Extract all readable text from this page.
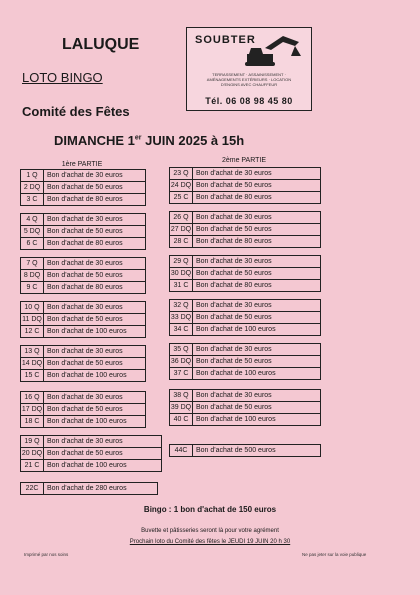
LALUQUE
LOTO BINGO
Comité des Fêtes
SOUBTER
TERRASSEMENT · ASSAINISSEMENT · AMÉNAGEMENTS EXTÉRIEURS · LOCATION D'ENGINS AVEC CHAUFFEUR
Tél. 06 08 98 45 80
DIMANCHE 1er JUIN 2025 à 15h
1ère PARTIE
2ème PARTIE
1 Q	Bon d'achat de 30 euros
2 DQ Bon d'achat de 50 euros
3 C	Bon d'achat de 80 euros
4 Q	Bon d'achat de 30 euros
5 DQ Bon d'achat de 50 euros
6 C	Bon d'achat de 80 euros
7 Q	Bon d'achat de 30 euros
8 DQ Bon d'achat de 50 euros
9 C	Bon d'achat de 80 euros
10 Q	Bon d'achat de 30 euros
11 DQ Bon d'achat de 50 euros
12 C	Bon d'achat de 100 euros
13 Q	Bon d'achat de 30 euros
14 DQ Bon d'achat de 50 euros
15 C	Bon d'achat de 100 euros
16 Q	Bon d'achat de 30 euros
17 DQ Bon d'achat de 50 euros
18 C	Bon d'achat de 100 euros
19 Q	Bon d'achat de 30 euros
20 DQ Bon d'achat de 50 euros
21 C	Bon d'achat de 100 euros
22C	Bon d'achat de 280 euros
23 Q	Bon d'achat de 30 euros
24 DQ Bon d'achat de 50 euros
25 C	Bon d'achat de 80 euros
26 Q	Bon d'achat de 30 euros
27 DQ Bon d'achat de 50 euros
28 C	Bon d'achat de 80 euros
29 Q	Bon d'achat de 30 euros
30 DQ Bon d'achat de 50 euros
31 C	Bon d'achat de 80 euros
32 Q	Bon d'achat de 30 euros
33 DQ Bon d'achat de 50 euros
34 C	Bon d'achat de 100 euros
35 Q	Bon d'achat de 30 euros
36 DQ Bon d'achat de 50 euros
37 C	Bon d'achat de 100 euros
38 Q	Bon d'achat de 30 euros
39 DQ Bon d'achat de 50 euros
40 C	Bon d'achat de 100 euros
44C	Bon d'achat de 500 euros
Bingo : 1 bon d'achat de 150 euros
Buvette et pâtisseries seront là pour votre agrément
Prochain loto du Comité des fêtes le JEUDI 19 JUIN 20 h 30
Imprimé par nos soins	Ne pas jeter sur la voie publique
